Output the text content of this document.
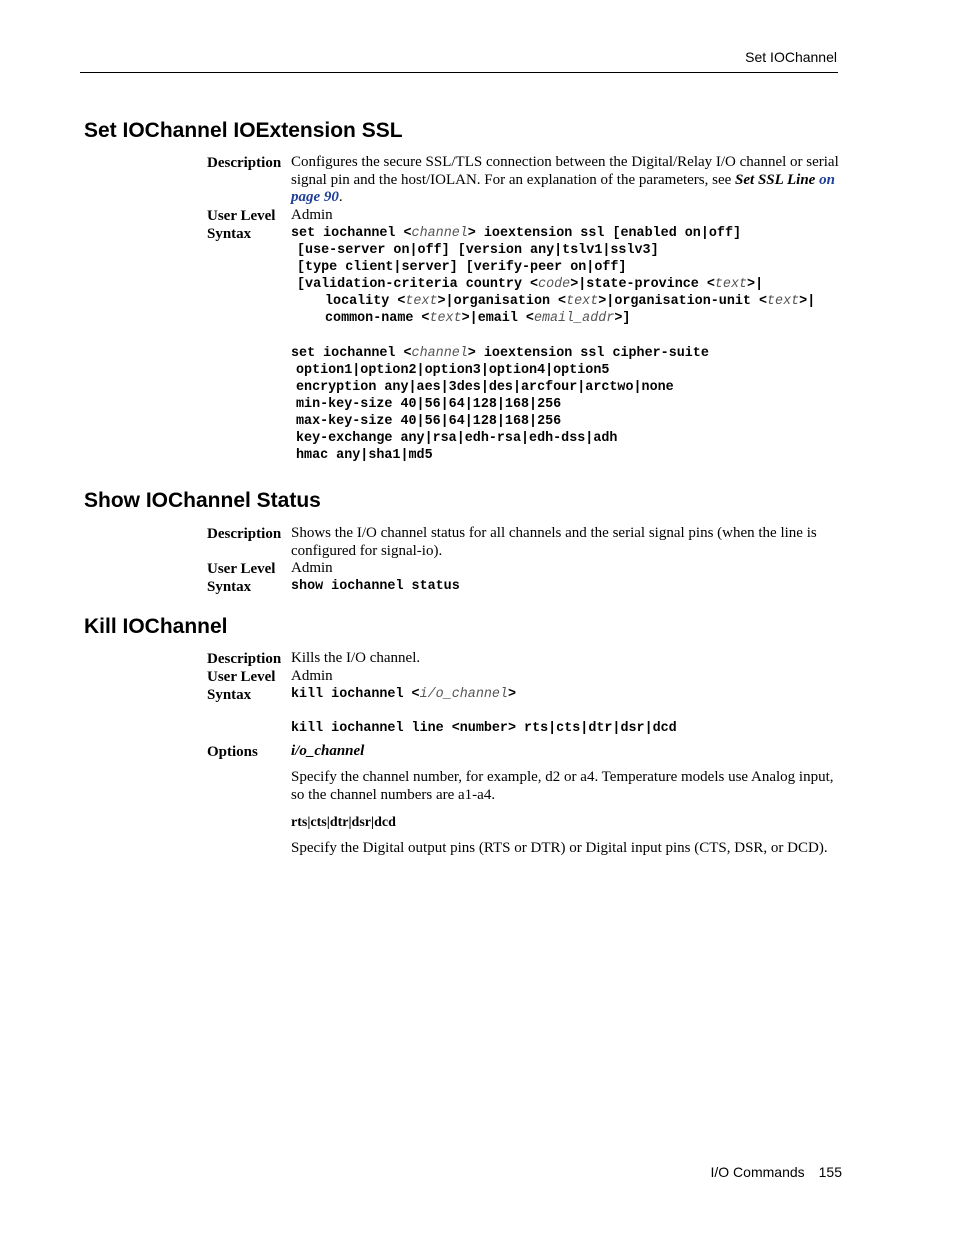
Set IOChannel
Set IOChannel IOExtension SSL
Description Configures the secure SSL/TLS connection between the Digital/Relay I/O channel or serial signal pin and the host/IOLAN. For an explanation of the parameters, see Set SSL Line on page 90.
User Level Admin
Syntax	set iochannel <channel> ioextension ssl [enabled on|off]
[use-server on|off] [version any|tslv1|sslv3]
[type client|server] [verify-peer on|off]
[validation-criteria country <code>|state-province <text>|
locality <text>|organisation <text>|organisation-unit <text>|
common-name <text>|email <email_addr>]
set iochannel <channel> ioextension ssl cipher-suite
option1|option2|option3|option4|option5
encryption any|aes|3des|des|arcfour|arctwo|none
min-key-size 40|56|64|128|168|256
max-key-size 40|56|64|128|168|256
key-exchange any|rsa|edh-rsa|edh-dss|adh
hmac any|sha1|md5
Show IOChannel Status
Description Shows the I/O channel status for all channels and the serial signal pins (when the line is configured for signal-io).
User Level Admin
Syntax	show iochannel status
Kill IOChannel
Description Kills the I/O channel.
User Level Admin
Syntax	kill iochannel <i/o_channel>
kill iochannel line <number> rts|cts|dtr|dsr|dcd
Options i/o_channel
Specify the channel number, for example, d2 or a4. Temperature models use Analog input, so the channel numbers are a1-a4.
rts|cts|dtr|dsr|dcd
Specify the Digital output pins (RTS or DTR) or Digital input pins (CTS, DSR, or DCD).
I/O Commands 155
